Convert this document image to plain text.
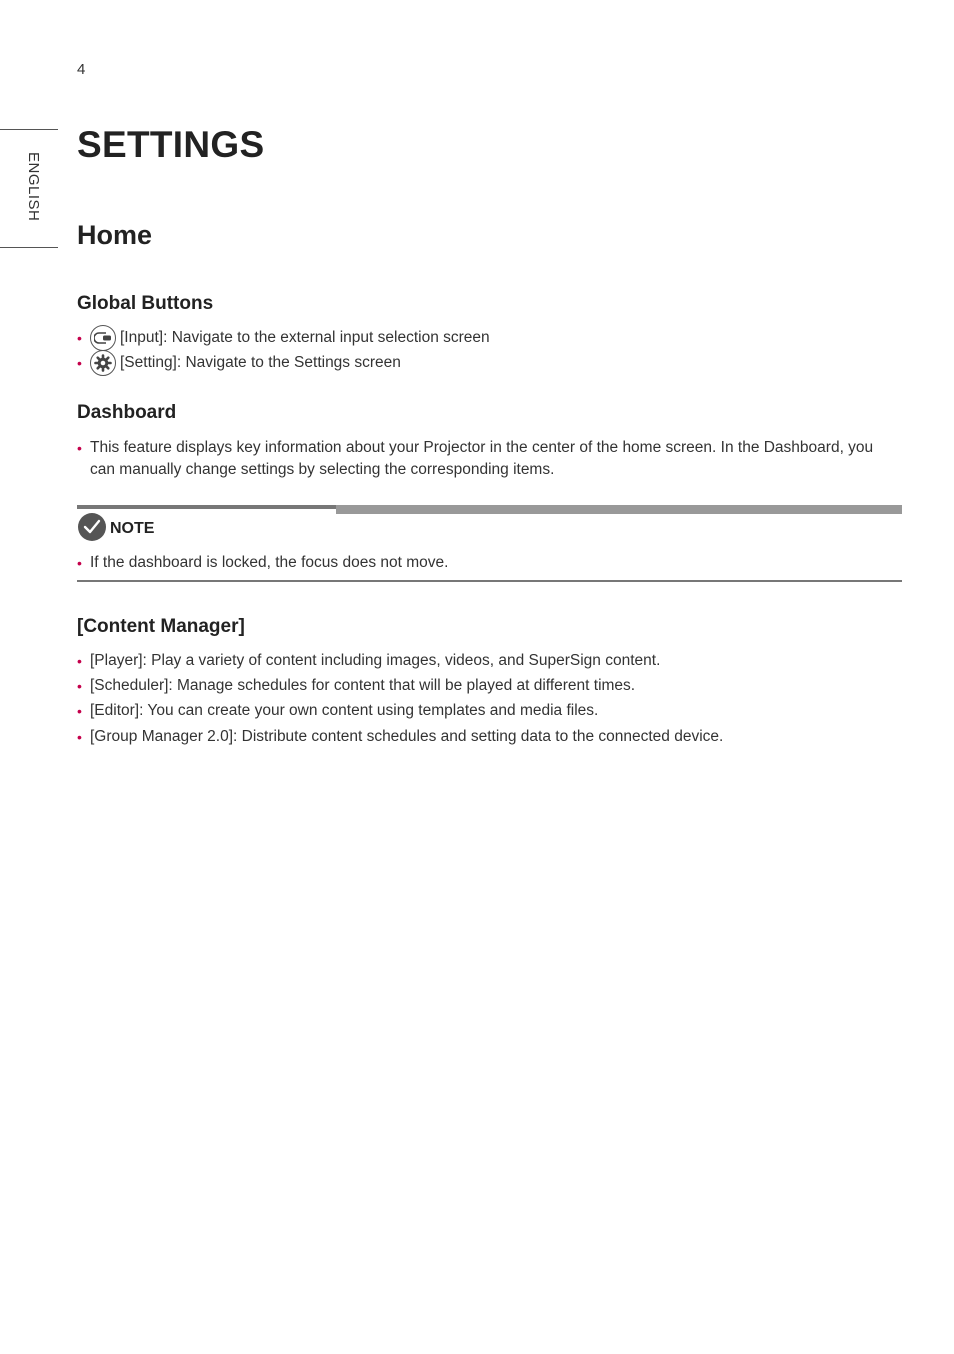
4
ENGLISH
SETTINGS
Home
Global Buttons
•	[Input]: Navigate to the external input selection screen
•	[Setting]: Navigate to the Settings screen
Dashboard
• This feature displays key information about your Projector in the center of the home screen. In the Dashboard, you can manually change settings by selecting the corresponding items.
NOTE
• If the dashboard is locked, the focus does not move.
[Content Manager]
• [Player]: Play a variety of content including images, videos, and SuperSign content.
• [Scheduler]: Manage schedules for content that will be played at different times.
• [Editor]: You can create your own content using templates and media files.
• [Group Manager 2.0]: Distribute content schedules and setting data to the connected device.
